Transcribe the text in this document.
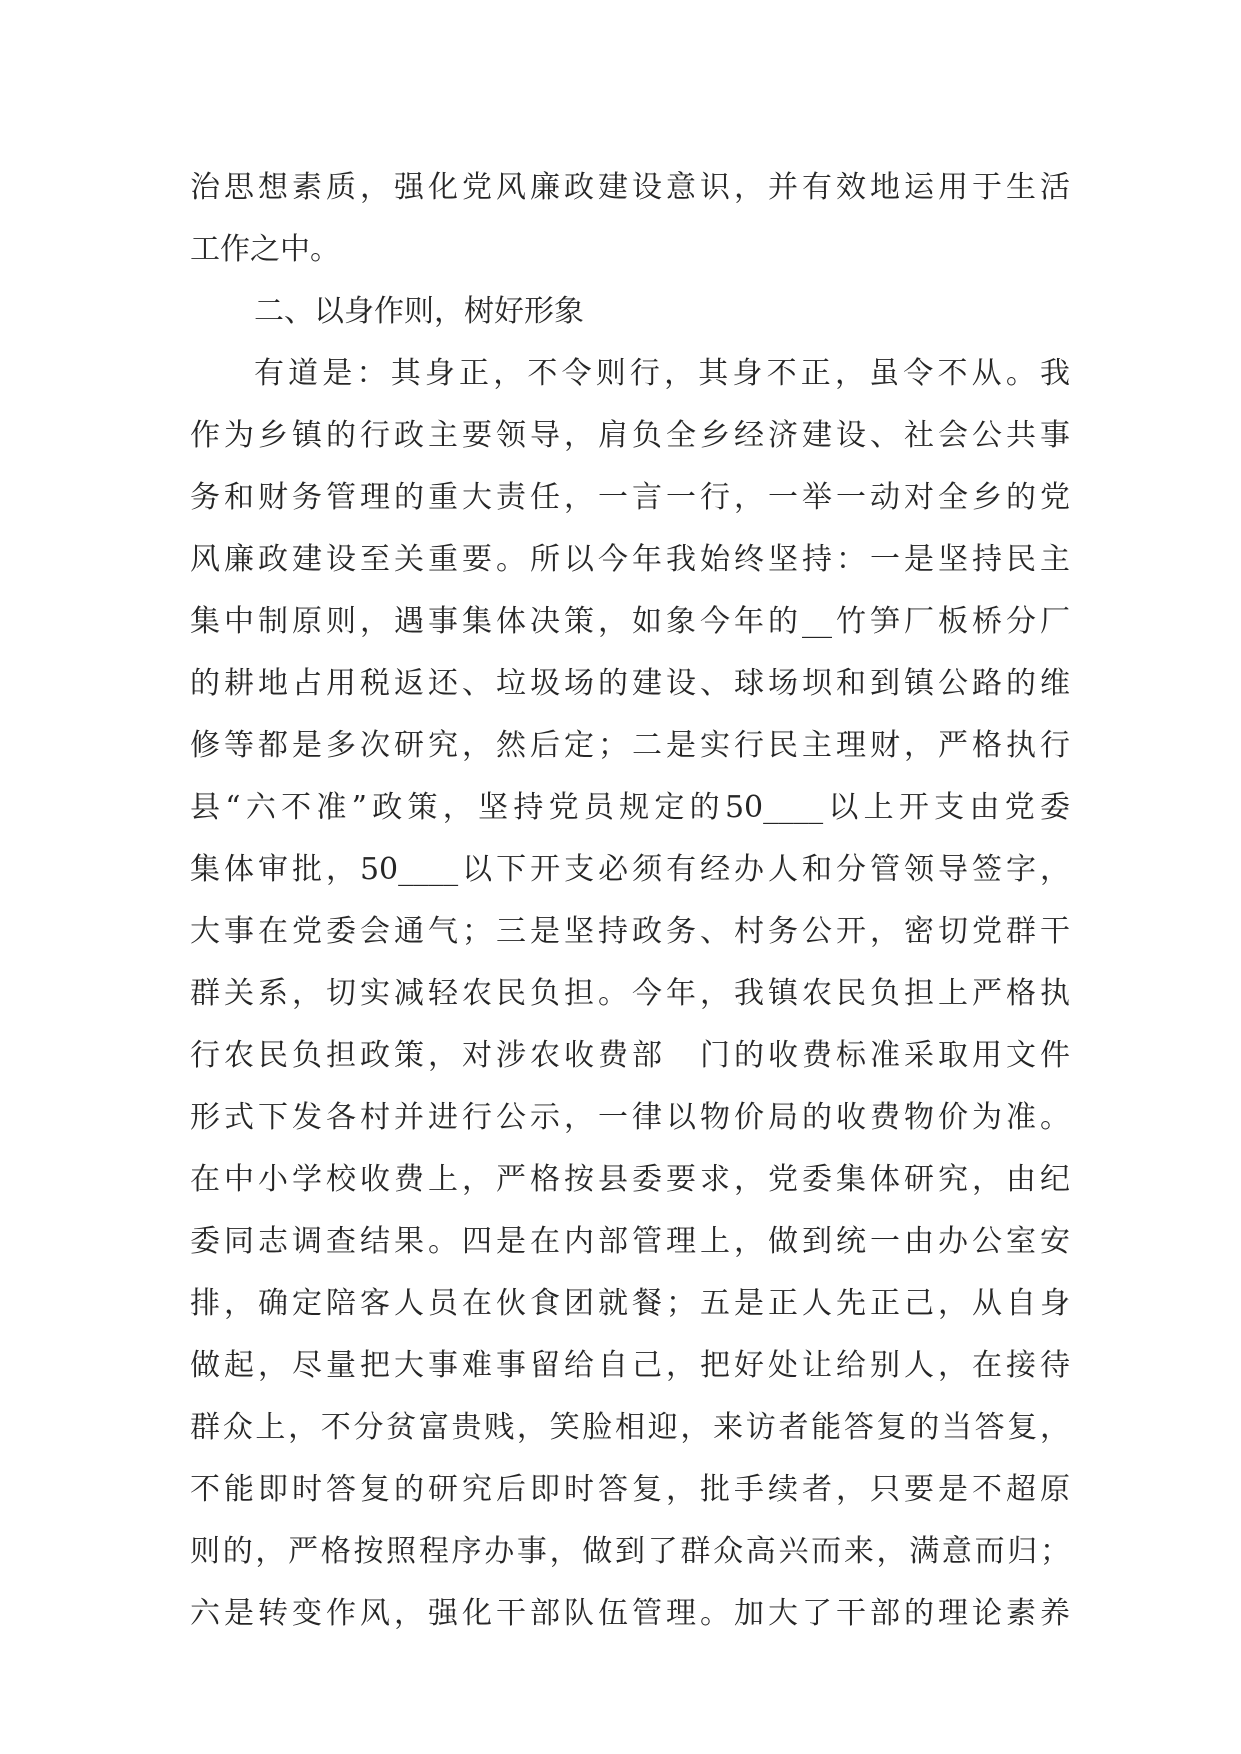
治思想素质，强化党风廉政建设意识，并有效地运用于生活
工作之中。
二、以身作则，树好形象
有道是：其身正，不令则行，其身不正，虽令不从。我
作为乡镇的行政主要领导，肩负全乡经济建设、社会公共事
务和财务管理的重大责任，一言一行，一举一动对全乡的党
风廉政建设至关重要。所以今年我始终坚持：一是坚持民主
集中制原则，遇事集体决策，如象今年的__竹笋厂板桥分厂
的耕地占用税返还、垃圾场的建设、球场坝和到镇公路的维
修等都是多次研究，然后定；二是实行民主理财，严格执行
县“六不准”政策，坚持党员规定的50____以上开支由党委
集体审批，50____以下开支必须有经办人和分管领导签字，
大事在党委会通气；三是坚持政务、村务公开，密切党群干
群关系，切实减轻农民负担。今年，我镇农民负担上严格执
行农民负担政策，对涉农收费部　门的收费标准采取用文件
形式下发各村并进行公示，一律以物价局的收费物价为准。
在中小学校收费上，严格按县委要求，党委集体研究，由纪
委同志调查结果。四是在内部管理上，做到统一由办公室安
排，确定陪客人员在伙食团就餐；五是正人先正己，从自身
做起，尽量把大事难事留给自己，把好处让给别人，在接待
群众上，不分贫富贵贱，笑脸相迎，来访者能答复的当答复，
不能即时答复的研究后即时答复，批手续者，只要是不超原
则的，严格按照程序办事，做到了群众高兴而来，满意而归；
六是转变作风，强化干部队伍管理。加大了干部的理论素养
